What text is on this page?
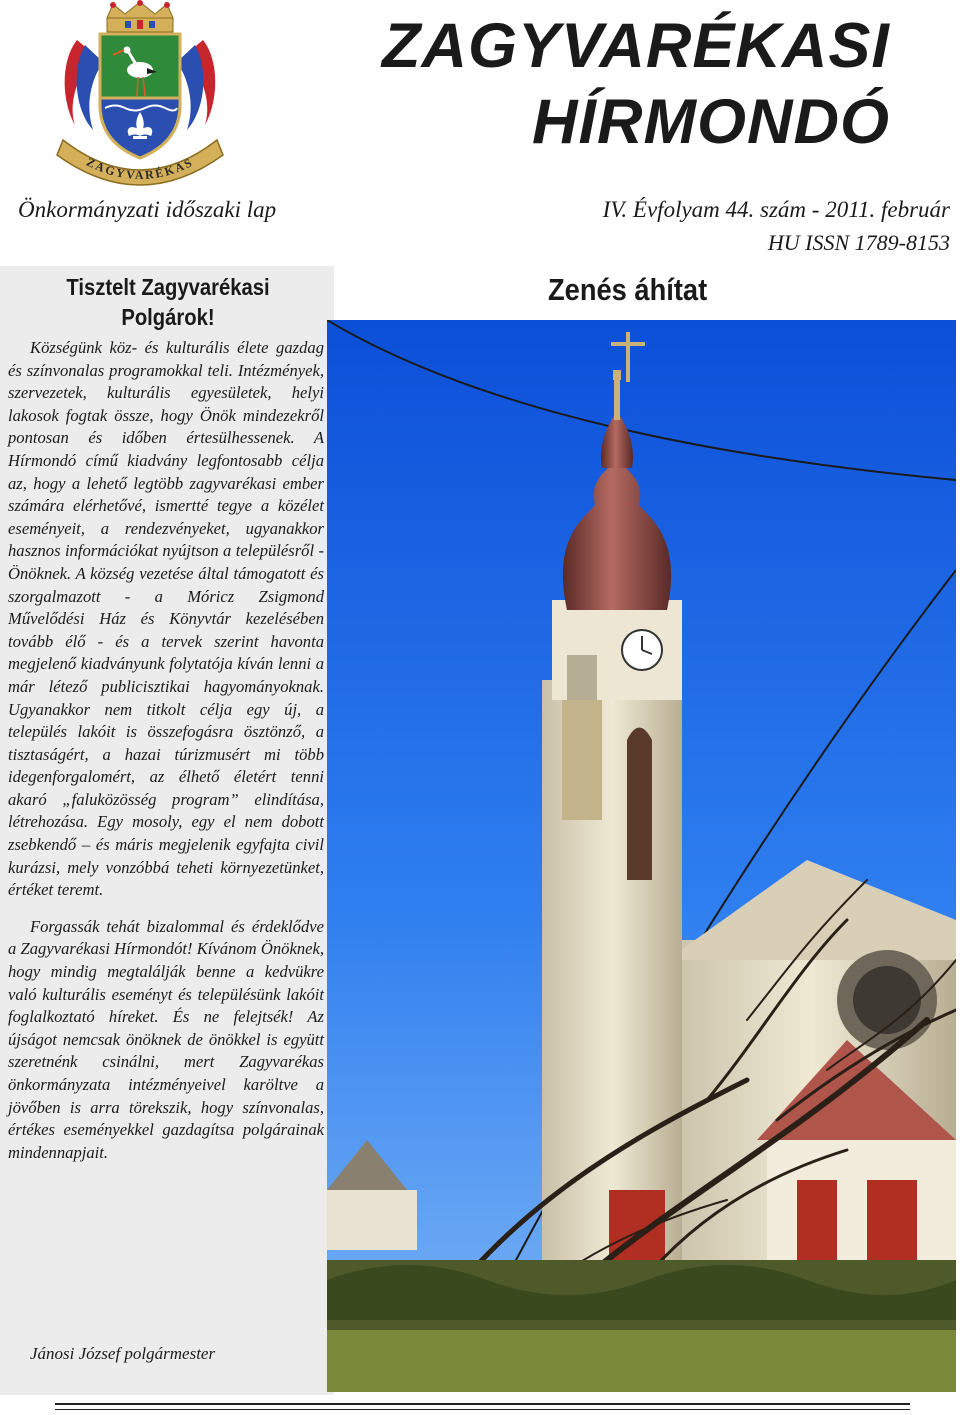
ZAGYVARÉKAS
ZAGYVARÉKASI
HÍRMONDÓ
Önkormányzati időszaki lap	IV. Évfolyam 44. szám - 2011. február
HU ISSN 1789-8153
Tisztelt Zagyvarékasi
Polgárok!

Községünk köz- és kulturális élete gazdag és színvonalas programokkal teli. Intézmények, szervezetek, kulturális egyesületek, helyi lakosok fogtak össze, hogy Önök mindezekről pontosan és időben értesülhessenek. A Hírmondó című kiadvány legfontosabb célja az, hogy a lehető legtöbb zagyvarékasi ember számára elérhetővé, ismertté tegye a közélet eseményeit, a rendezvényeket, ugyanakkor hasznos információkat nyújtson a településről - Önöknek. A község vezetése által támogatott és szorgalmazott - a Móricz Zsigmond Művelődési Ház és Könyvtár kezelésében tovább élő - és a tervek szerint havonta megjelenő kiadványunk folytatója kíván lenni a már létező publicisztikai hagyományoknak. Ugyanakkor nem titkolt célja egy új, a település lakóit is összefogásra ösztönző, a tisztaságért, a hazai túrizmusért mi több idegenforgalomért, az élhető életért tenni akaró „faluközösség program” elindítása, létrehozása. Egy mosoly, egy el nem dobott zsebkendő – és máris megjelenik egyfajta civil kurázsi, mely vonzóbbá teheti környezetünket, értéket teremt.

Forgassák tehát bizalommal és érdeklődve a Zagyvarékasi Hírmondót! Kívánom Önöknek, hogy mindig megtalálják benne a kedvükre való kulturális eseményt és településünk lakóit foglalkoztató híreket. És ne felejtsék! Az újságot nemcsak önöknek de önökkel is együtt szeretnénk csinálni, mert Zagyvarékas önkormányzata intézményeivel karöltve a jövőben is arra törekszik, hogy színvonalas, értékes eseményekkel gazdagítsa polgárainak mindennapjait.

Jánosi József polgármester
Zenés áhítat
